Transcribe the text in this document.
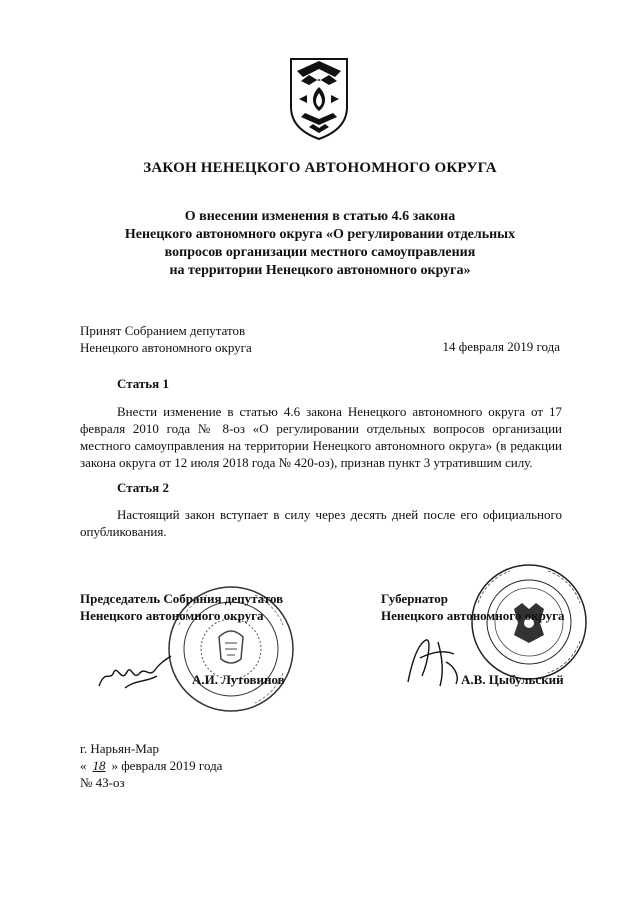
ЗАКОН НЕНЕЦКОГО АВТОНОМНОГО ОКРУГА
О внесении изменения в статью 4.6 закона
Ненецкого автономного округа «О регулировании отдельных
вопросов организации местного самоуправления
на территории Ненецкого автономного округа»
Принят Собранием депутатов
Ненецкого автономного округа	14 февраля 2019 года
Статья 1
Внести изменение в статью 4.6 закона Ненецкого автономного округа от 17 февраля 2010 года № 8-оз «О регулировании отдельных вопросов организации местного самоуправления на территории Ненецкого автономного округа» (в редакции закона округа от 12 июля 2018 года № 420-оз), признав пункт 3 утратившим силу.
Статья 2
Настоящий закон вступает в силу через десять дней после его официального опубликования.
Председатель Собрания депутатов
Ненецкого автономного округа
А.И. Лутовинов
Губернатор
Ненецкого автономного округа
А.В. Цыбульский
г. Нарьян-Мар
« 18 » февраля 2019 года
№ 43-оз
